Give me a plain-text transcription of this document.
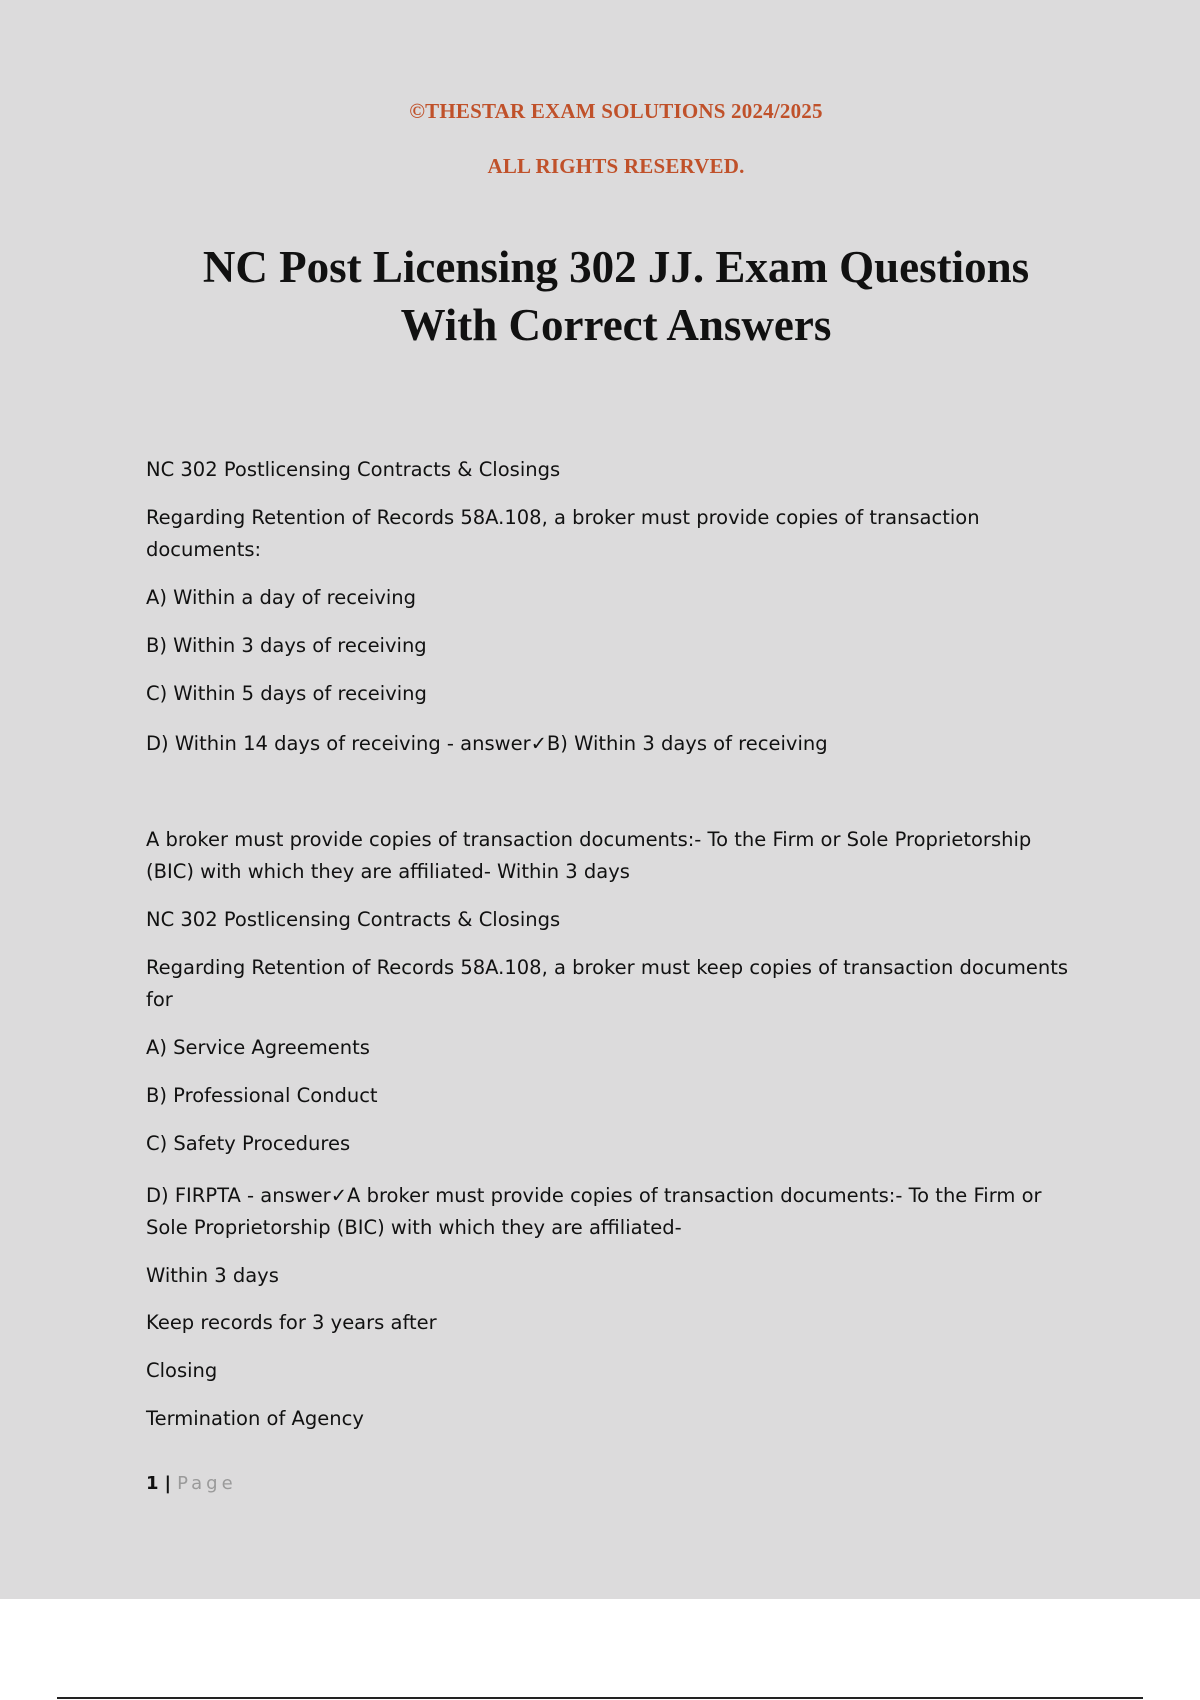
©THESTAR EXAM SOLUTIONS 2024/2025
ALL RIGHTS RESERVED.
NC Post Licensing 302 JJ. Exam Questions
With Correct Answers
NC 302 Postlicensing Contracts & Closings
Regarding Retention of Records 58A.108, a broker must provide copies of transaction
documents:
A) Within a day of receiving
B) Within 3 days of receiving
C) Within 5 days of receiving
D) Within 14 days of receiving - answer✓B) Within 3 days of receiving
A broker must provide copies of transaction documents:- To the Firm or Sole Proprietorship
(BIC) with which they are affiliated- Within 3 days
NC 302 Postlicensing Contracts & Closings
Regarding Retention of Records 58A.108, a broker must keep copies of transaction documents
for
A) Service Agreements
B) Professional Conduct
C) Safety Procedures
D) FIRPTA - answer✓A broker must provide copies of transaction documents:- To the Firm or
Sole Proprietorship (BIC) with which they are affiliated-
Within 3 days
Keep records for 3 years after
Closing
Termination of Agency
1 | Page
